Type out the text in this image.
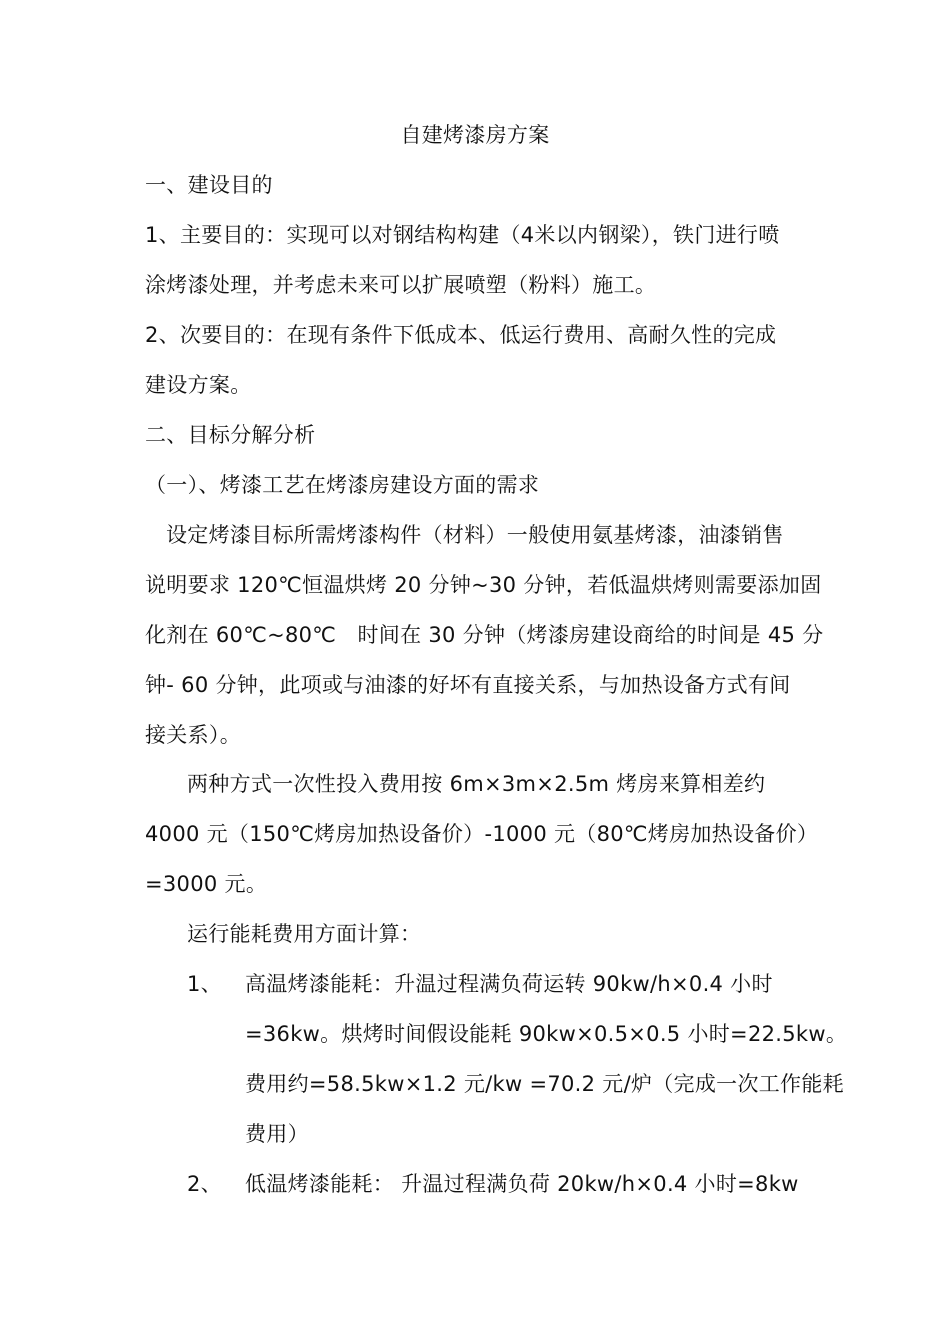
自建烤漆房方案
一、建设目的
1、主要目的：实现可以对钢结构构建（4米以内钢梁），铁门进行喷
涂烤漆处理，并考虑未来可以扩展喷塑（粉料）施工。
2、次要目的：在现有条件下低成本、低运行费用、高耐久性的完成
建设方案。
二、目标分解分析
（一）、烤漆工艺在烤漆房建设方面的需求
设定烤漆目标所需烤漆构件（材料）一般使用氨基烤漆，油漆销售
说明要求 120℃恒温烘烤 20 分钟~30 分钟，若低温烘烤则需要添加固
化剂在 60℃~80℃　时间在 30 分钟（烤漆房建设商给的时间是 45 分
钟- 60 分钟，此项或与油漆的好坏有直接关系，与加热设备方式有间
接关系）。
两种方式一次性投入费用按 6m×3m×2.5m 烤房来算相差约
4000 元（150℃烤房加热设备价）-1000 元（80℃烤房加热设备价）
=3000 元。
运行能耗费用方面计算：
1、 高温烤漆能耗：升温过程满负荷运转 90kw/h×0.4 小时
=36kw。烘烤时间假设能耗 90kw×0.5×0.5 小时=22.5kw。
费用约=58.5kw×1.2 元/kw =70.2 元/炉（完成一次工作能耗
费用）
2、 低温烤漆能耗： 升温过程满负荷 20kw/h×0.4 小时=8kw
